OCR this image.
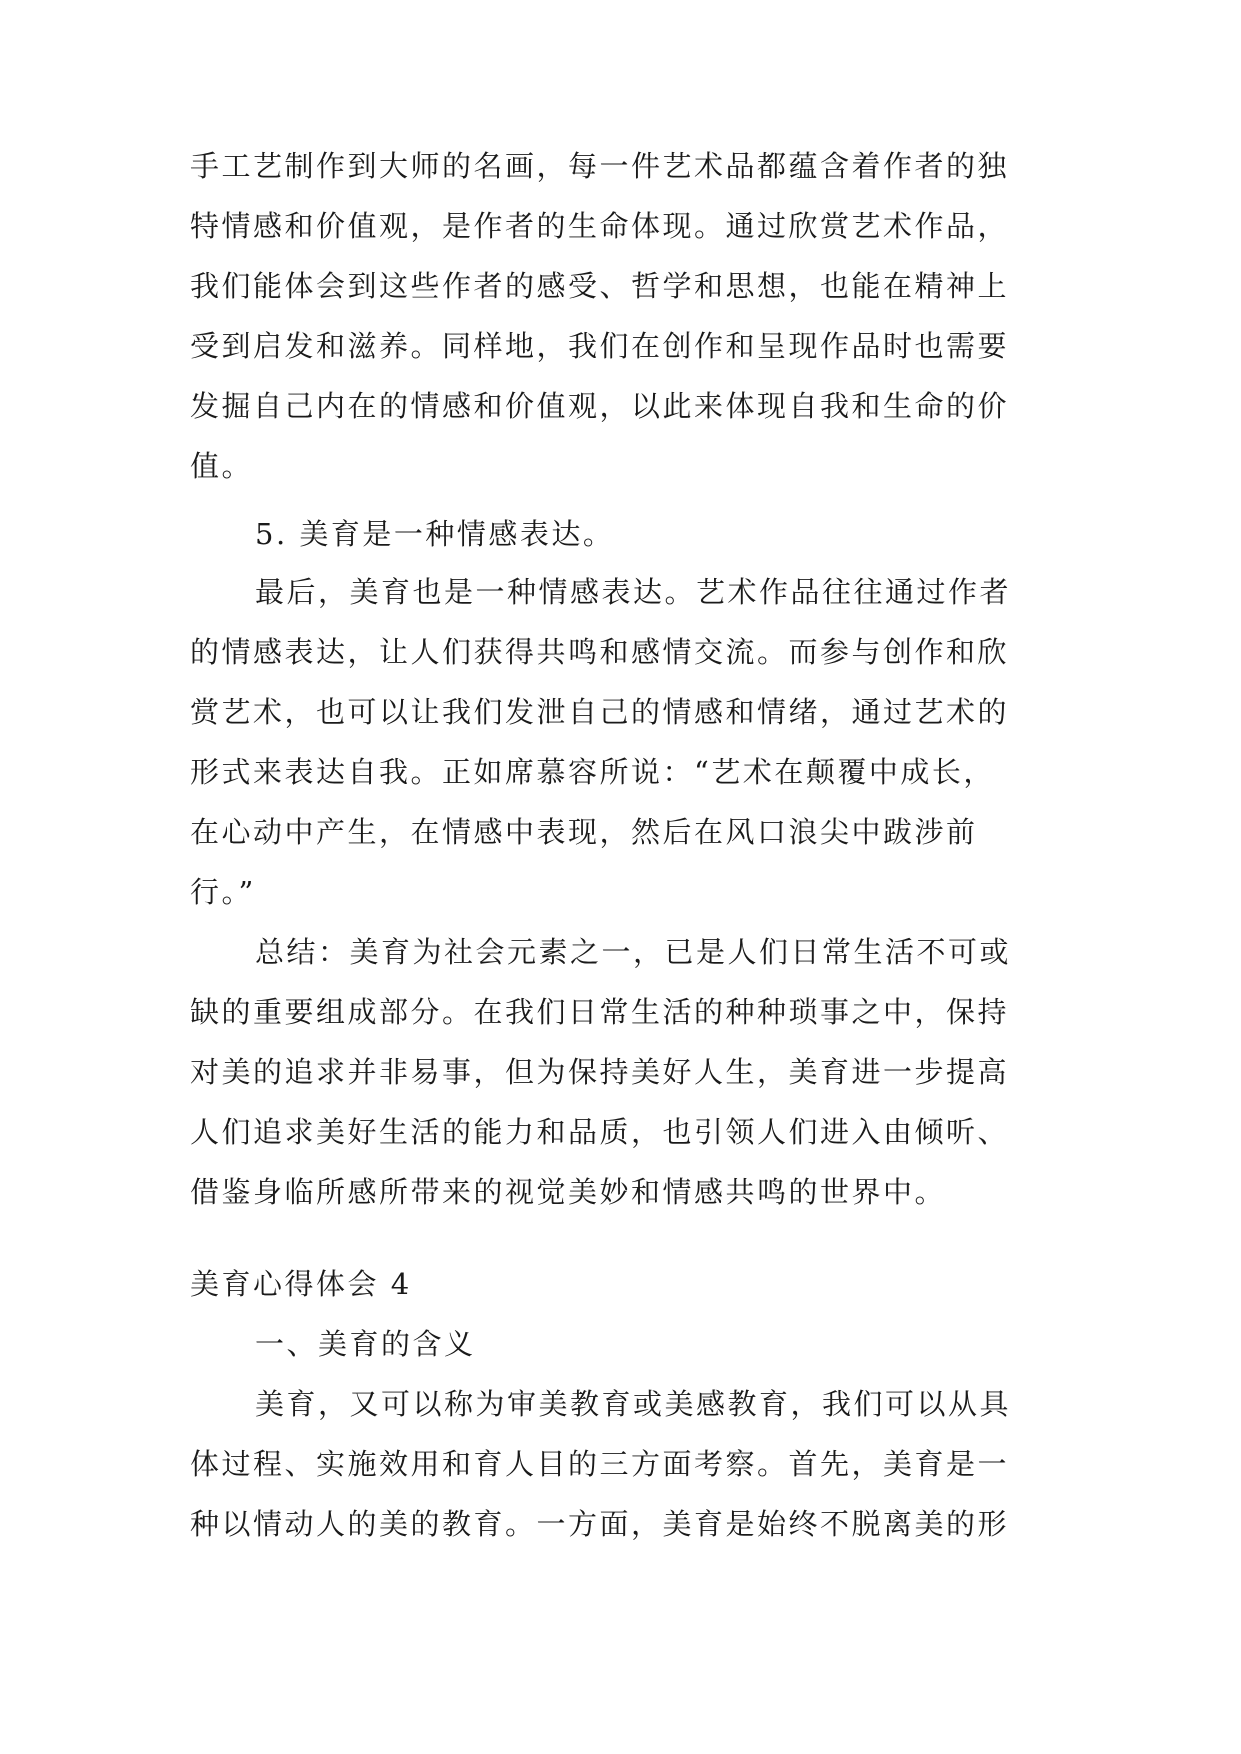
手工艺制作到大师的名画，每一件艺术品都蕴含着作者的独

特情感和价值观，是作者的生命体现。通过欣赏艺术作品，

我们能体会到这些作者的感受、哲学和思想，也能在精神上

受到启发和滋养。同样地，我们在创作和呈现作品时也需要

发掘自己内在的情感和价值观，以此来体现自我和生命的价

值。

5. 美育是一种情感表达。

最后，美育也是一种情感表达。艺术作品往往通过作者

的情感表达，让人们获得共鸣和感情交流。而参与创作和欣

赏艺术，也可以让我们发泄自己的情感和情绪，通过艺术的

形式来表达自我。正如席慕容所说：“艺术在颠覆中成长，

在心动中产生，在情感中表现，然后在风口浪尖中跋涉前

行。”

总结：美育为社会元素之一，已是人们日常生活不可或

缺的重要组成部分。在我们日常生活的种种琐事之中，保持

对美的追求并非易事，但为保持美好人生，美育进一步提高

人们追求美好生活的能力和品质，也引领人们进入由倾听、

借鉴身临所感所带来的视觉美妙和情感共鸣的世界中。

美育心得体会 4

一、美育的含义

美育，又可以称为审美教育或美感教育，我们可以从具

体过程、实施效用和育人目的三方面考察。首先，美育是一

种以情动人的美的教育。一方面，美育是始终不脱离美的形
